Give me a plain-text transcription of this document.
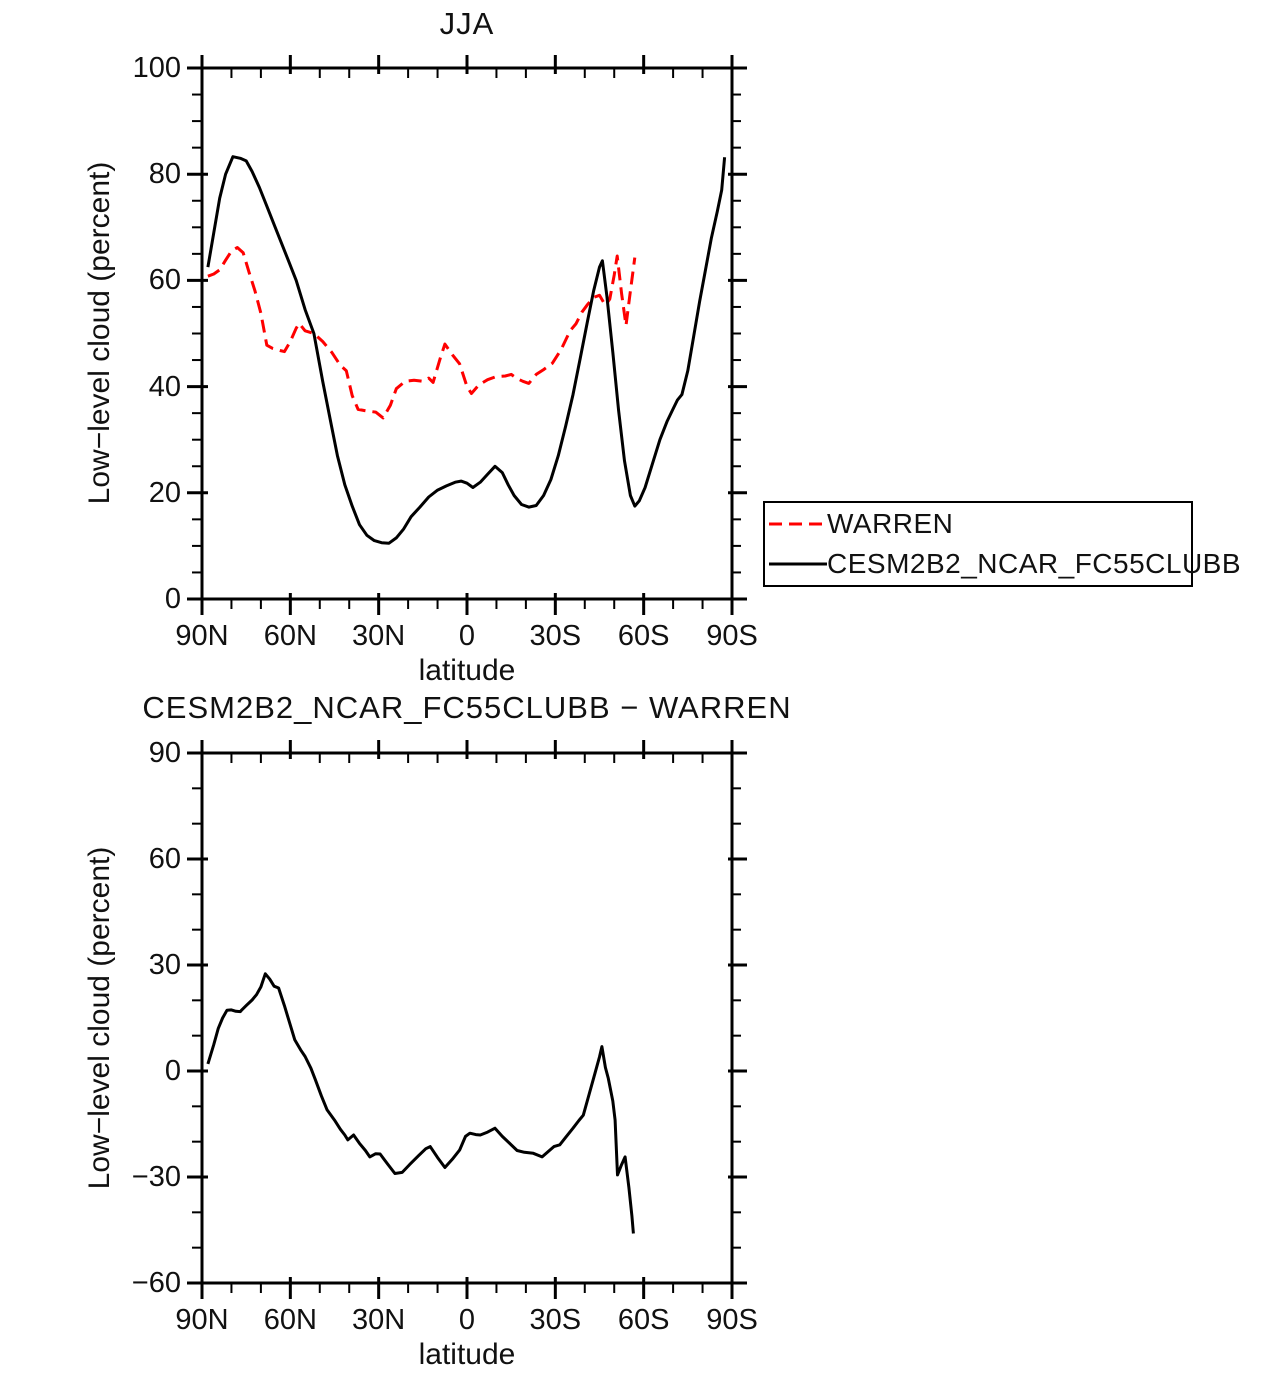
JJA
Low−level cloud (percent)
latitude
CESM2B2_NCAR_FC55CLUBB − WARREN
Low−level cloud (percent)
latitude
WARREN
CESM2B2_NCAR_FC55CLUBB
90N	60N	30N	0	30S	60S	90S
100
80
60
40
20
0
90N	60N	30N	0	30S	60S	90S
90
60
30
0
−30
−60
